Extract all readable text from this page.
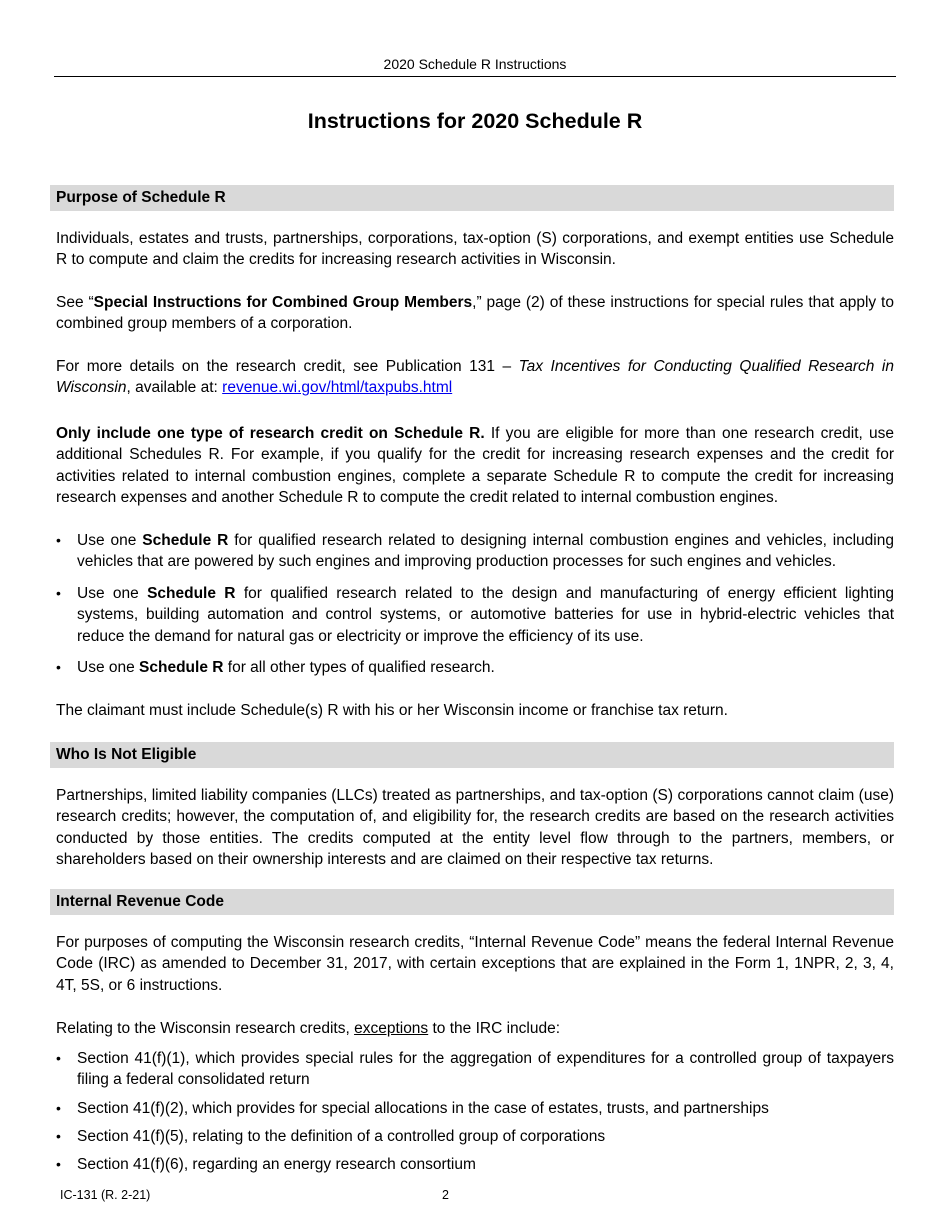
2020 Schedule R Instructions
Instructions for 2020 Schedule R
Purpose of Schedule R

Individuals, estates and trusts, partnerships, corporations, tax-option (S) corporations, and exempt entities use Schedule R to compute and claim the credits for increasing research activities in Wisconsin.

See “Special Instructions for Combined Group Members,” page (2) of these instructions for special rules that apply to combined group members of a corporation.

For more details on the research credit, see Publication 131 – Tax Incentives for Conducting Qualified Research in Wisconsin, available at: revenue.wi.gov/html/taxpubs.html

Only include one type of research credit on Schedule R. If you are eligible for more than one research credit, use additional Schedules R. For example, if you qualify for the credit for increasing research expenses and the credit for activities related to internal combustion engines, complete a separate Schedule R to compute the credit for increasing research expenses and another Schedule R to compute the credit related to internal combustion engines.

• Use one Schedule R for qualified research related to designing internal combustion engines and vehicles, including vehicles that are powered by such engines and improving production processes for such engines and vehicles.
• Use one Schedule R for qualified research related to the design and manufacturing of energy efficient lighting systems, building automation and control systems, or automotive batteries for use in hybrid-electric vehicles that reduce the demand for natural gas or electricity or improve the efficiency of its use.
• Use one Schedule R for all other types of qualified research.

The claimant must include Schedule(s) R with his or her Wisconsin income or franchise tax return.

Who Is Not Eligible

Partnerships, limited liability companies (LLCs) treated as partnerships, and tax-option (S) corporations cannot claim (use) research credits; however, the computation of, and eligibility for, the research credits are based on the research activities conducted by those entities. The credits computed at the entity level flow through to the partners, members, or shareholders based on their ownership interests and are claimed on their respective tax returns.

Internal Revenue Code

For purposes of computing the Wisconsin research credits, “Internal Revenue Code” means the federal Internal Revenue Code (IRC) as amended to December 31, 2017, with certain exceptions that are explained in the Form 1, 1NPR, 2, 3, 4, 4T, 5S, or 6 instructions.

Relating to the Wisconsin research credits, exceptions to the IRC include:

• Section 41(f)(1), which provides special rules for the aggregation of expenditures for a controlled group of taxpayers filing a federal consolidated return
• Section 41(f)(2), which provides for special allocations in the case of estates, trusts, and partnerships
• Section 41(f)(5), relating to the definition of a controlled group of corporations
• Section 41(f)(6), regarding an energy research consortium
IC-131 (R. 2-21)	2
